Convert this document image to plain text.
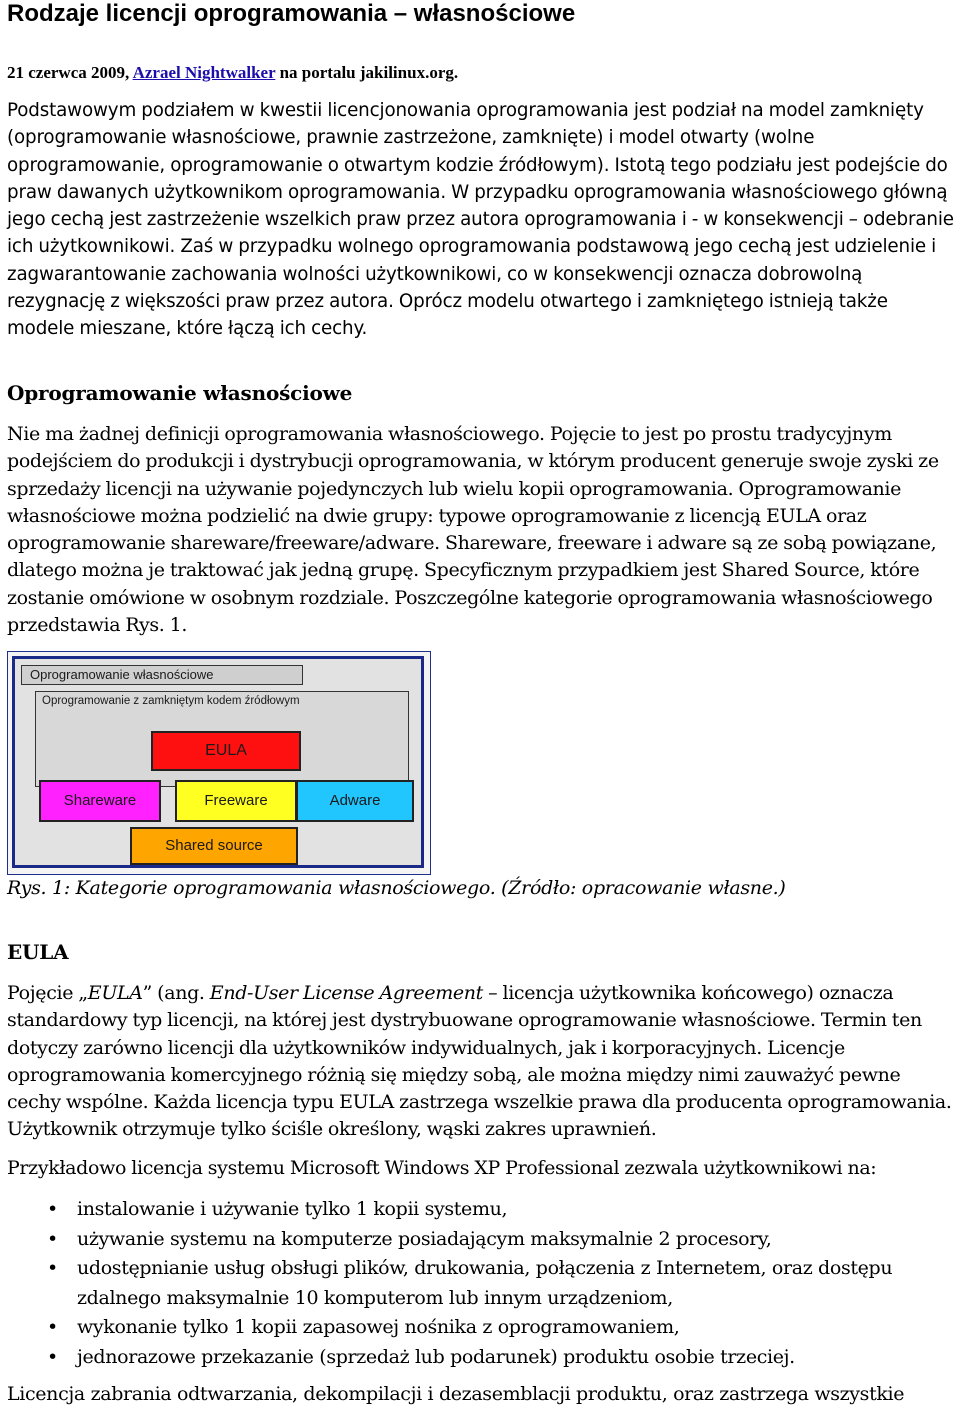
Rodzaje licencji oprogramowania – własnościowe
21 czerwca 2009, Azrael Nightwalker na portalu jakilinux.org.

Podstawowym podziałem w kwestii licencjonowania oprogramowania jest podział na model zamknięty (oprogramowanie własnościowe, prawnie zastrzeżone, zamknięte) i model otwarty (wolne oprogramowanie, oprogramowanie o otwartym kodzie źródłowym). Istotą tego podziału jest podejście do praw dawanych użytkownikom oprogramowania. W przypadku oprogramowania własnościowego główną jego cechą jest zastrzeżenie wszelkich praw przez autora oprogramowania i - w konsekwencji – odebranie ich użytkownikowi. Zaś w przypadku wolnego oprogramowania podstawową jego cechą jest udzielenie i zagwarantowanie zachowania wolności użytkownikowi, co w konsekwencji oznacza dobrowolną rezygnację z większości praw przez autora. Oprócz modelu otwartego i zamkniętego istnieją także modele mieszane, które łączą ich cechy.

Oprogramowanie własnościowe

Nie ma żadnej definicji oprogramowania własnościowego. Pojęcie to jest po prostu tradycyjnym podejściem do produkcji i dystrybucji oprogramowania, w którym producent generuje swoje zyski ze sprzedaży licencji na używanie pojedynczych lub wielu kopii oprogramowania. Oprogramowanie własnościowe można podzielić na dwie grupy: typowe oprogramowanie z licencją EULA oraz oprogramowanie shareware/freeware/adware. Shareware, freeware i adware są ze sobą powiązane, dlatego można je traktować jak jedną grupę. Specyficznym przypadkiem jest Shared Source, które zostanie omówione w osobnym rozdziale. Poszczególne kategorie oprogramowania własnościowego przedstawia Rys. 1.

Oprogramowanie własnościowe
Oprogramowanie z zamkniętym kodem źródłowym
EULA
Shareware	Freeware	Adware
Shared source
Rys. 1: Kategorie oprogramowania własnościowego. (Źródło: opracowanie własne.)
EULA

Pojęcie „EULA” (ang. End-User License Agreement – licencja użytkownika końcowego) oznacza standardowy typ licencji, na której jest dystrybuowane oprogramowanie własnościowe. Termin ten dotyczy zarówno licencji dla użytkowników indywidualnych, jak i korporacyjnych. Licencje oprogramowania komercyjnego różnią się między sobą, ale można między nimi zauważyć pewne cechy wspólne. Każda licencja typu EULA zastrzega wszelkie prawa dla producenta oprogramowania. Użytkownik otrzymuje tylko ściśle określony, wąski zakres uprawnień.

Przykładowo licencja systemu Microsoft Windows XP Professional zezwala użytkownikowi na:

• instalowanie i używanie tylko 1 kopii systemu,
• używanie systemu na komputerze posiadającym maksymalnie 2 procesory,
• udostępnianie usług obsługi plików, drukowania, połączenia z Internetem, oraz dostępu zdalnego maksymalnie 10 komputerom lub innym urządzeniom,
• wykonanie tylko 1 kopii zapasowej nośnika z oprogramowaniem,
• jednorazowe przekazanie (sprzedaż lub podarunek) produktu osobie trzeciej.
Licencja zabrania odtwarzania, dekompilacji i dezasemblacji produktu, oraz zastrzega wszystkie
